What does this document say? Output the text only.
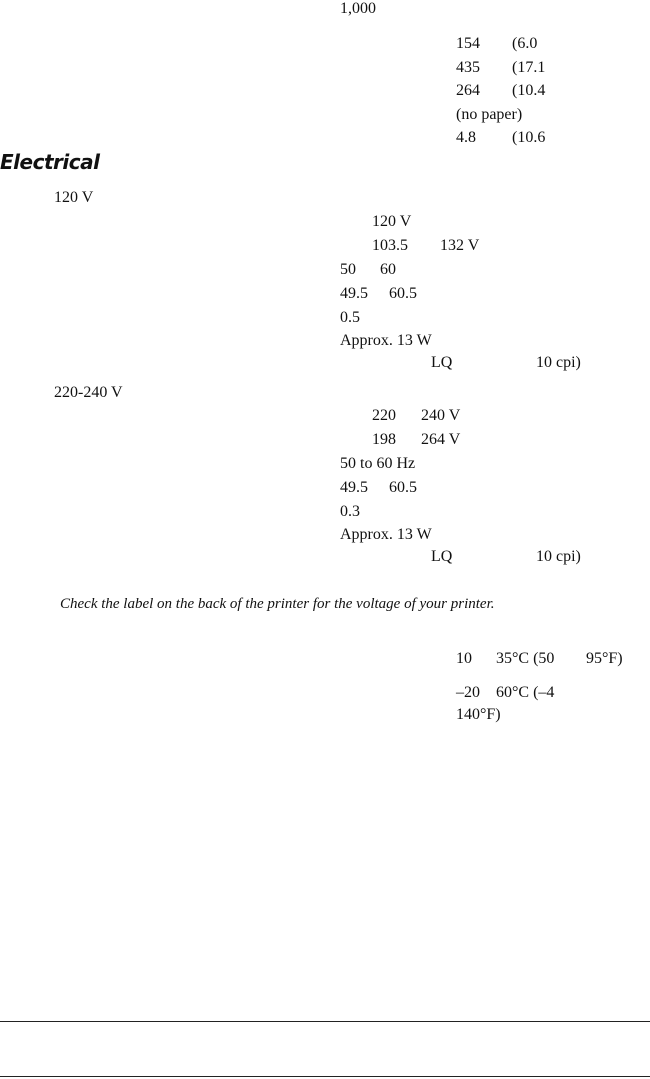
1,000
154 (6.0
435 (17.1
264 (10.4
(no paper)
4.8 (10.6
Electrical
120 V
120 V
103.5 132 V
50 60
49.5 60.5
0.5
Approx. 13 W
LQ	10 cpi)
220-240 V
220 240 V
198 264 V
50 to 60 Hz
49.5 60.5
0.3
Approx. 13 W
LQ	10 cpi)
Check the label on the back of the printer for the voltage of your printer.
10 35°C (50 95°F)
–20 60°C (–4
140°F)
